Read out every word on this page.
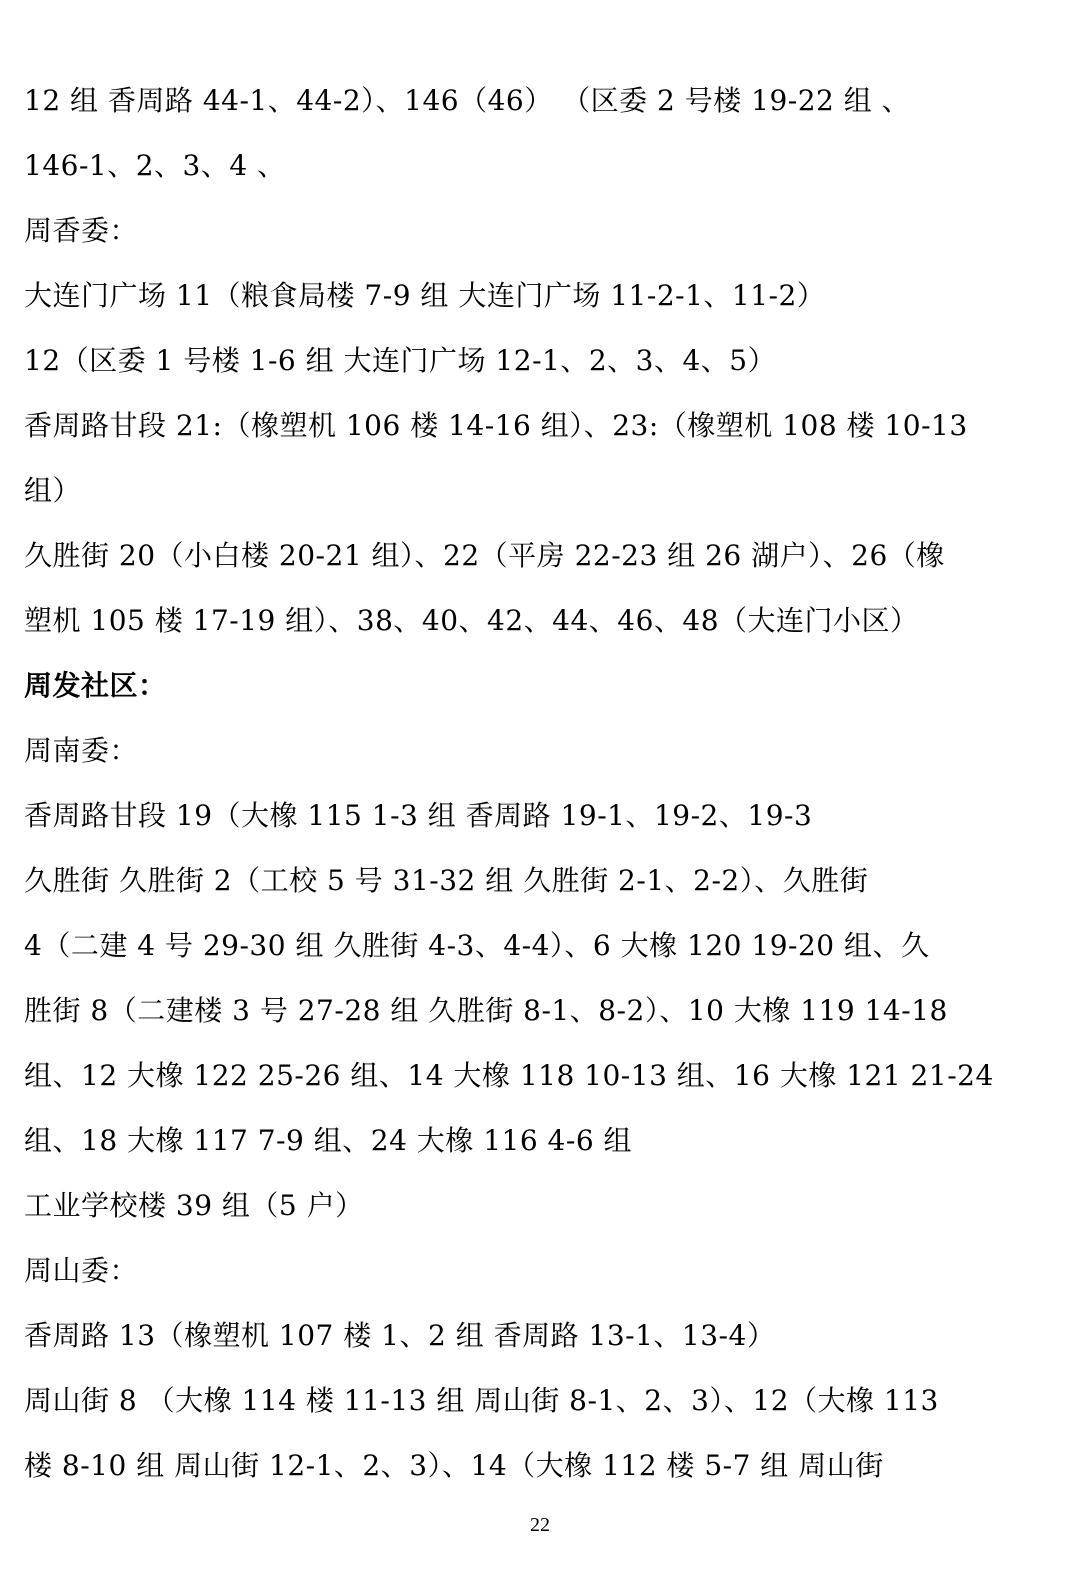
12 组 香周路 44-1、44-2）、146（46） （区委 2 号楼 19-22 组 、
146-1、2、3、4 、
周香委：
大连门广场 11（粮食局楼 7-9 组 大连门广场 11-2-1、11-2）
12（区委 1 号楼 1-6 组 大连门广场 12-1、2、3、4、5）
香周路甘段 21:（橡塑机 106 楼 14-16 组）、23:（橡塑机 108 楼 10-13
组）
久胜街 20（小白楼 20-21 组）、22（平房 22-23 组 26 湖户）、26（橡
塑机 105 楼 17-19 组）、38、40、42、44、46、48（大连门小区）
周发社区：
周南委：
香周路甘段 19（大橡 115 1-3 组 香周路 19-1、19-2、19-3
久胜街 久胜街 2（工校 5 号 31-32 组 久胜街 2-1、2-2）、久胜街
4（二建 4 号 29-30 组 久胜街 4-3、4-4）、6 大橡 120 19-20 组、久
胜街 8（二建楼 3 号 27-28 组 久胜街 8-1、8-2）、10 大橡 119 14-18
组、12 大橡 122 25-26 组、14 大橡 118 10-13 组、16 大橡 121 21-24
组、18 大橡 117 7-9 组、24 大橡 116 4-6 组
工业学校楼 39 组（5 户）
周山委：
香周路 13（橡塑机 107 楼 1、2 组 香周路 13-1、13-4）
周山街 8 （大橡 114 楼 11-13 组 周山街 8-1、2、3）、12（大橡 113
楼 8-10 组 周山街 12-1、2、3）、14（大橡 112 楼 5-7 组 周山街
22
